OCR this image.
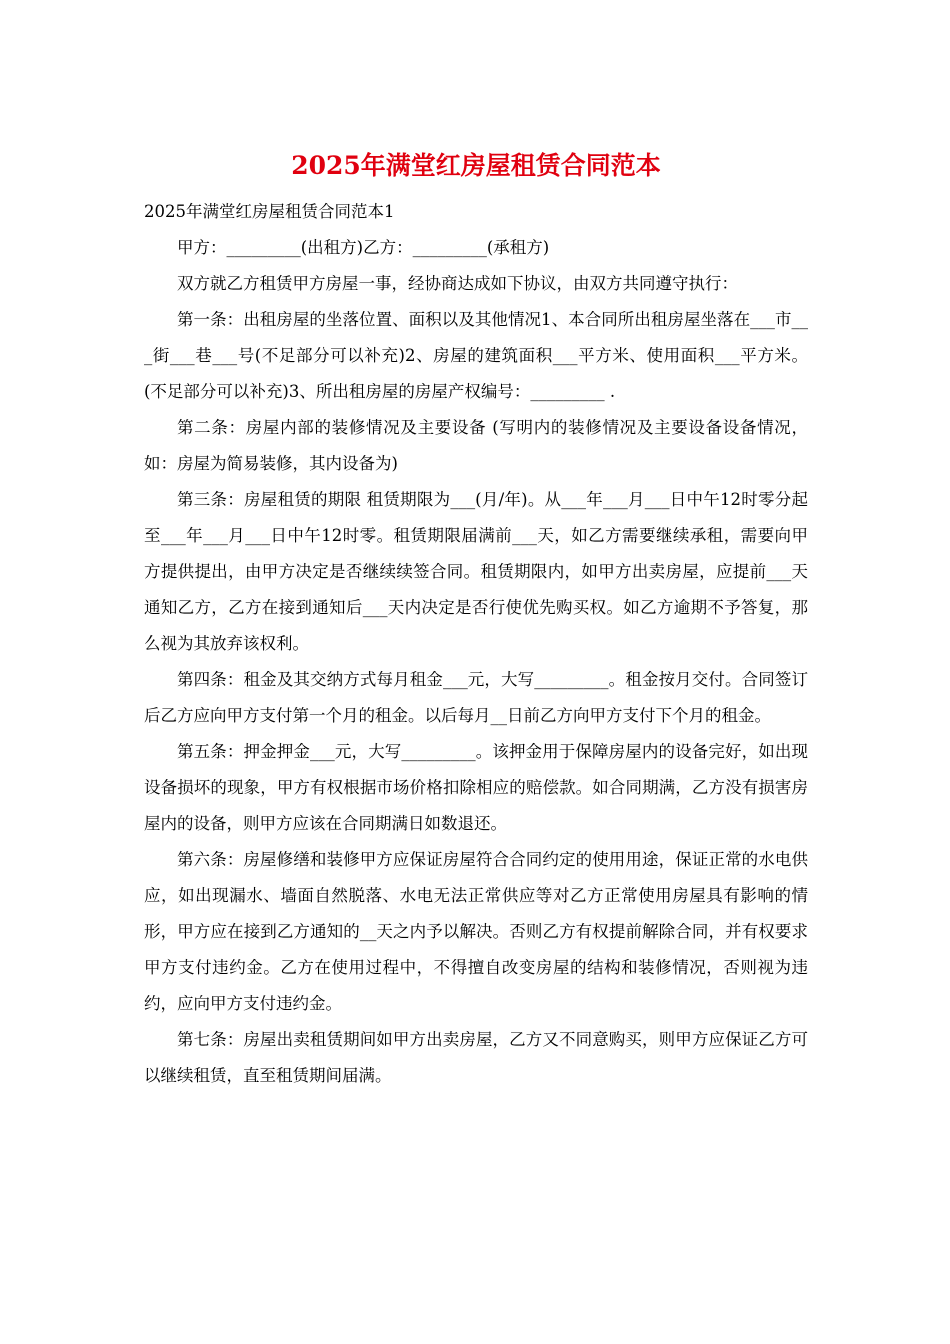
2025年满堂红房屋租赁合同范本

2025年满堂红房屋租赁合同范本1

甲方：_________(出租方)乙方：_________(承租方)

双方就乙方租赁甲方房屋一事，经协商达成如下协议，由双方共同遵守执行：

第一条：出租房屋的坐落位置、面积以及其他情况1、本合同所出租房屋坐落在___市___街___巷___号(不足部分可以补充)2、房屋的建筑面积___平方米、使用面积___平方米。(不足部分可以补充)3、所出租房屋的房屋产权编号：_________ .

第二条：房屋内部的装修情况及主要设备 (写明内的装修情况及主要设备设备情况，如：房屋为简易装修，其内设备为)

第三条：房屋租赁的期限 租赁期限为___(月/年)。从___年___月___日中午12时零分起至___年___月___日中午12时零。租赁期限届满前___天，如乙方需要继续承租，需要向甲方提供提出，由甲方决定是否继续续签合同。租赁期限内，如甲方出卖房屋，应提前___天通知乙方，乙方在接到通知后___天内决定是否行使优先购买权。如乙方逾期不予答复，那么视为其放弃该权利。

第四条：租金及其交纳方式每月租金___元，大写_________。租金按月交付。合同签订后乙方应向甲方支付第一个月的租金。以后每月__日前乙方向甲方支付下个月的租金。

第五条：押金押金___元，大写_________。该押金用于保障房屋内的设备完好，如出现设备损坏的现象，甲方有权根据市场价格扣除相应的赔偿款。如合同期满，乙方没有损害房屋内的设备，则甲方应该在合同期满日如数退还。

第六条：房屋修缮和装修甲方应保证房屋符合合同约定的使用用途，保证正常的水电供应，如出现漏水、墙面自然脱落、水电无法正常供应等对乙方正常使用房屋具有影响的情形，甲方应在接到乙方通知的__天之内予以解决。否则乙方有权提前解除合同，并有权要求甲方支付违约金。乙方在使用过程中，不得擅自改变房屋的结构和装修情况，否则视为违约，应向甲方支付违约金。

第七条：房屋出卖租赁期间如甲方出卖房屋，乙方又不同意购买，则甲方应保证乙方可以继续租赁，直至租赁期间届满。
